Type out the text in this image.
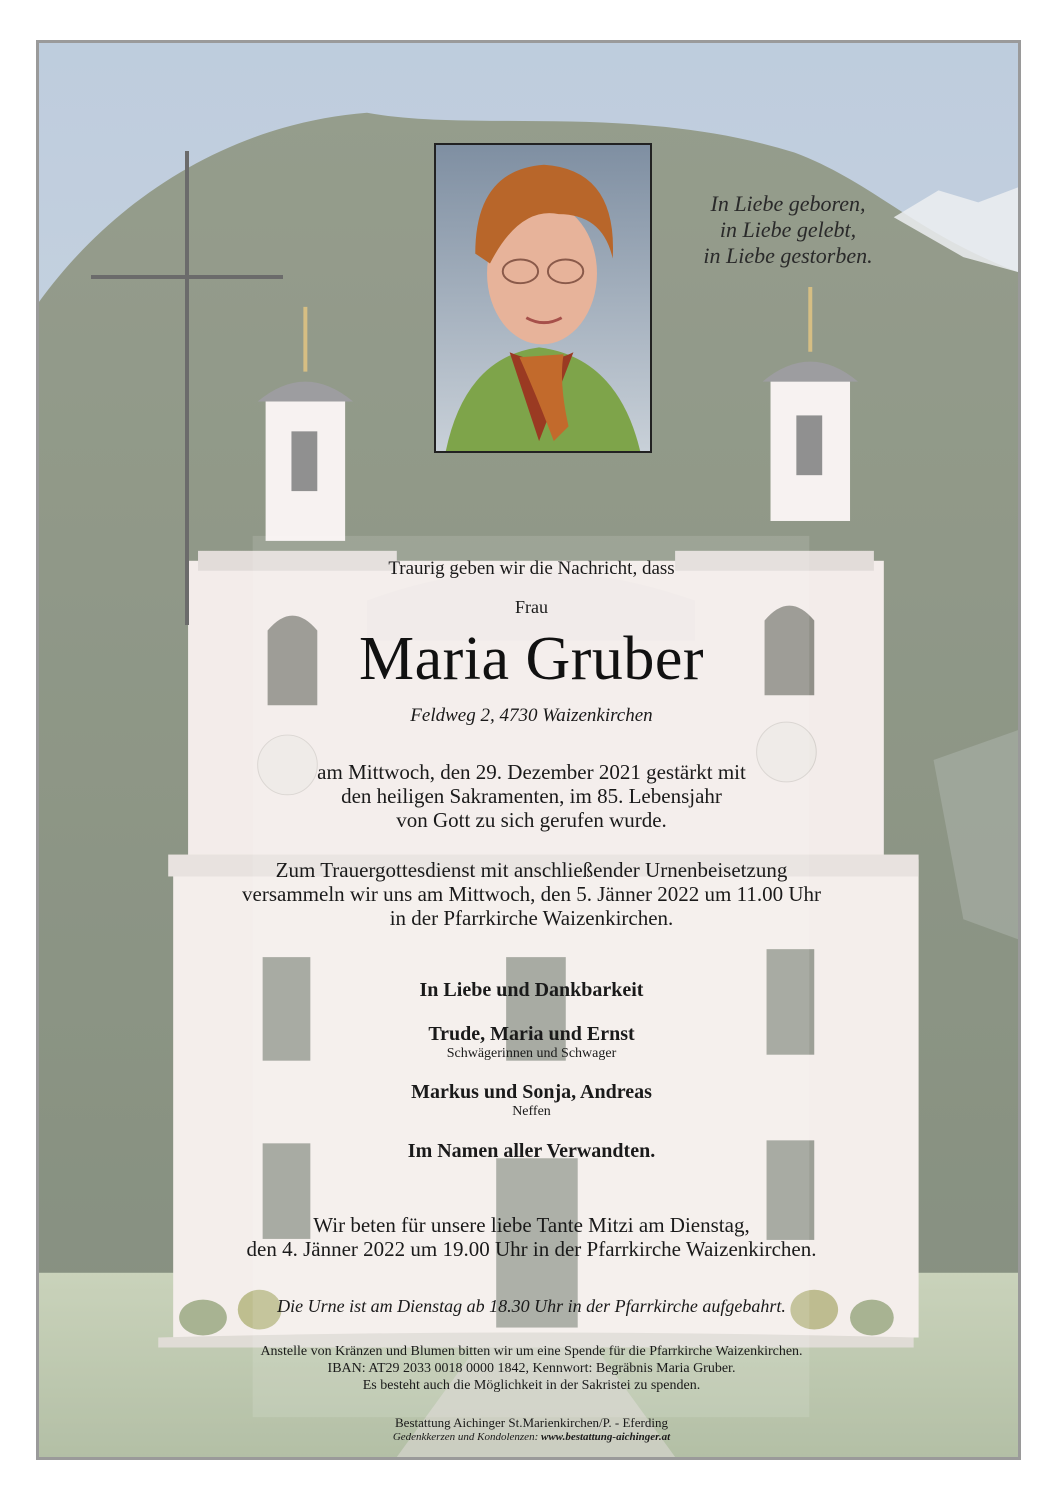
In Liebe geboren,
in Liebe gelebt,
in Liebe gestorben.
Traurig geben wir die Nachricht, dass
Frau
Maria Gruber
Feldweg 2, 4730 Waizenkirchen
am Mittwoch, den 29. Dezember 2021 gestärkt mit
den heiligen Sakramenten, im 85. Lebensjahr
von Gott zu sich gerufen wurde.
Zum Trauergottesdienst mit anschließender Urnenbeisetzung
versammeln wir uns am Mittwoch, den 5. Jänner 2022 um 11.00 Uhr
in der Pfarrkirche Waizenkirchen.
In Liebe und Dankbarkeit
Trude, Maria und Ernst
Schwägerinnen und Schwager
Markus und Sonja, Andreas
Neffen
Im Namen aller Verwandten.
Wir beten für unsere liebe Tante Mitzi am Dienstag,
den 4. Jänner 2022 um 19.00 Uhr in der Pfarrkirche Waizenkirchen.
Die Urne ist am Dienstag ab 18.30 Uhr in der Pfarrkirche aufgebahrt.
Anstelle von Kränzen und Blumen bitten wir um eine Spende für die Pfarrkirche Waizenkirchen.
IBAN: AT29 2033 0018 0000 1842, Kennwort: Begräbnis Maria Gruber.
Es besteht auch die Möglichkeit in der Sakristei zu spenden.
Bestattung Aichinger St.Marienkirchen/P. - Eferding
Gedenkkerzen und Kondolenzen: www.bestattung-aichinger.at
